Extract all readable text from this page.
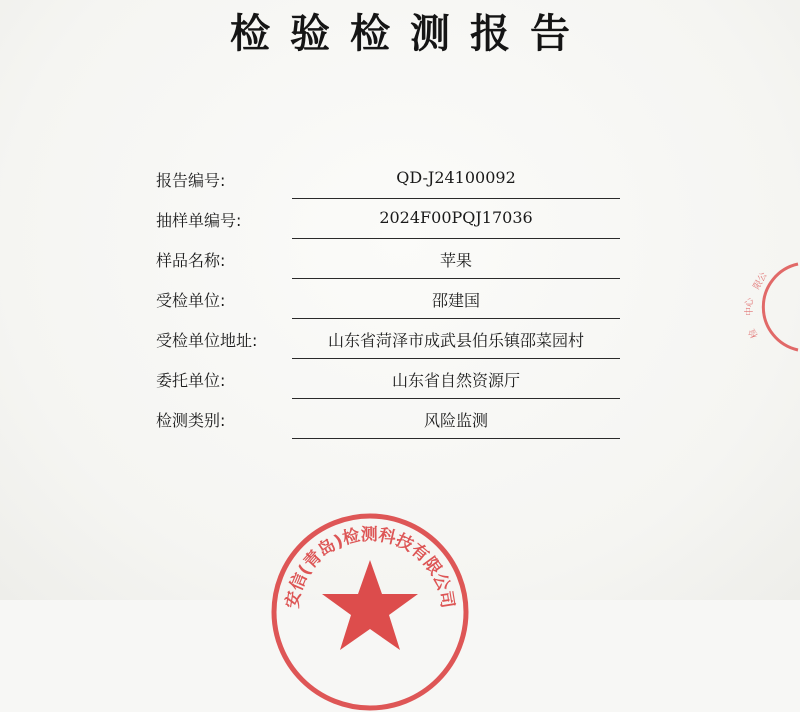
检验检测报告
报告编号:	QD-J24100092
抽样单编号:	2024F00PQJ17036
样品名称:	苹果
受检单位:	邵建国
受检单位地址:	山东省菏泽市成武县伯乐镇邵菜园村
委托单位:	山东省自然资源厅
检测类别:	风险监测
安信(青岛)检测科技有限公司
限公
中心
检
